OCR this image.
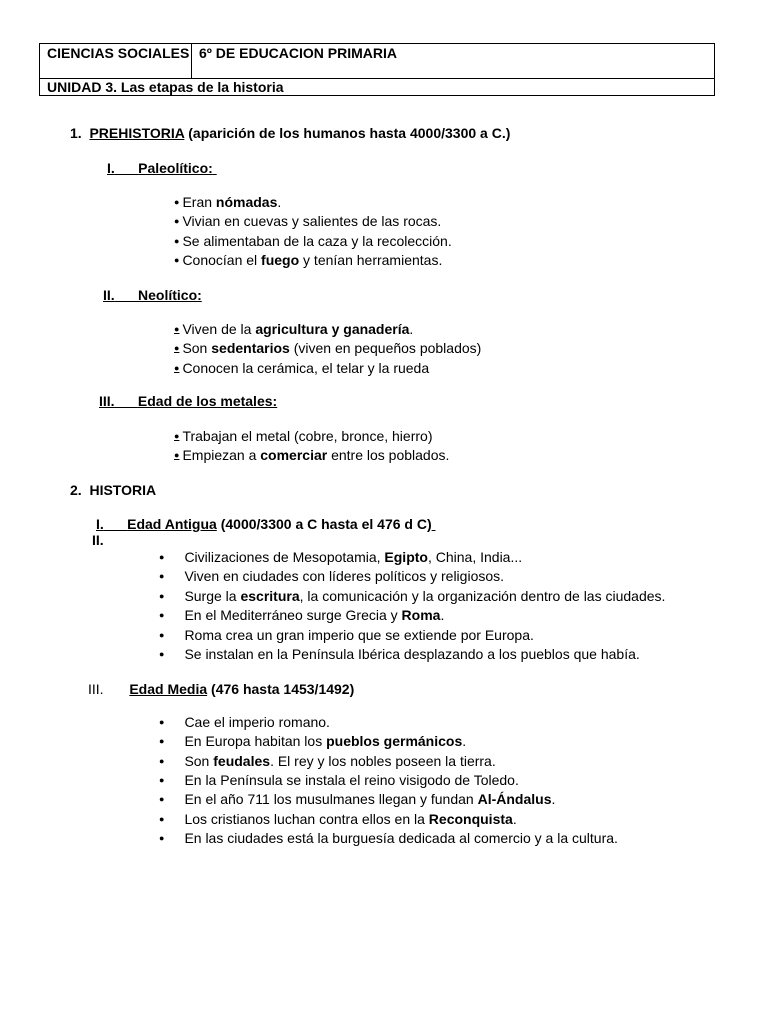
CIENCIAS SOCIALES	6º DE EDUCACION PRIMARIA
UNIDAD 3. Las etapas de la historia
1. PREHISTORIA (aparición de los humanos hasta 4000/3300 a C.)
I. Paleolítico:
● Eran nómadas.
● Vivian en cuevas y salientes de las rocas.
● Se alimentaban de la caza y la recolección.
● Conocían el fuego y tenían herramientas.
II. Neolítico:
● Viven de la agricultura y ganadería.
● Son sedentarios (viven en pequeños poblados)
● Conocen la cerámica, el telar y la rueda
III. Edad de los metales:
● Trabajan el metal (cobre, bronce, hierro)
● Empiezan a comerciar entre los poblados.
2. HISTORIA
I. Edad Antigua (4000/3300 a C hasta el 476 d C)
II.
● Civilizaciones de Mesopotamia, Egipto, China, India...
● Viven en ciudades con líderes políticos y religiosos.
● Surge la escritura, la comunicación y la organización dentro de las ciudades.
● En el Mediterráneo surge Grecia y Roma.
● Roma crea un gran imperio que se extiende por Europa.
● Se instalan en la Península Ibérica desplazando a los pueblos que había.
III. Edad Media (476 hasta 1453/1492)
● Cae el imperio romano.
● En Europa habitan los pueblos germánicos.
● Son feudales. El rey y los nobles poseen la tierra.
● En la Península se instala el reino visigodo de Toledo.
● En el año 711 los musulmanes llegan y fundan Al-Ándalus.
● Los cristianos luchan contra ellos en la Reconquista.
● En las ciudades está la burguesía dedicada al comercio y a la cultura.
